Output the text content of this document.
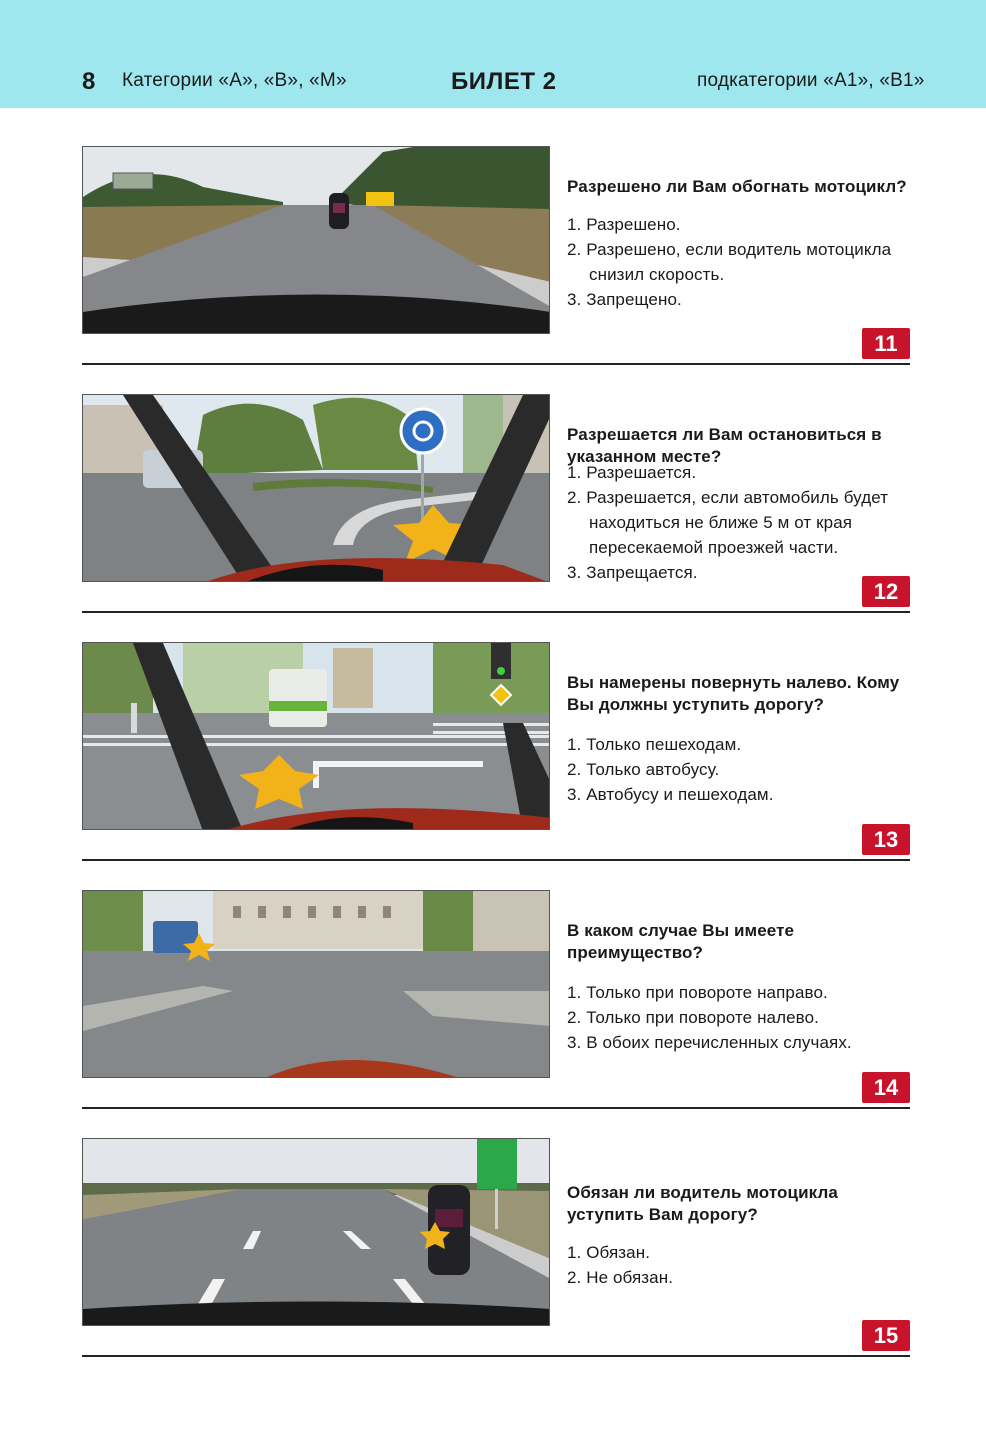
8 Категории «А», «В», «М»	БИЛЕТ 2	подкатегории «А1», «В1»
Разрешено ли Вам обогнать мотоцикл?
1. Разрешено.
2. Разрешено, если водитель мотоцикла снизил скорость.
3. Запрещено.
11
Разрешается ли Вам остановиться в указанном месте?
1. Разрешается.
2. Разрешается, если автомобиль будет находиться не ближе 5 м от края пересекаемой проезжей части.
3. Запрещается.
12
Вы намерены повернуть налево. Кому Вы должны уступить дорогу?
1. Только пешеходам.
2. Только автобусу.
3. Автобусу и пешеходам.
13
В каком случае Вы имеете преимущество?
1. Только при повороте направо.
2. Только при повороте налево.
3. В обоих перечисленных случаях.
14
Обязан ли водитель мотоцикла уступить Вам дорогу?
1. Обязан.
2. Не обязан.
15
